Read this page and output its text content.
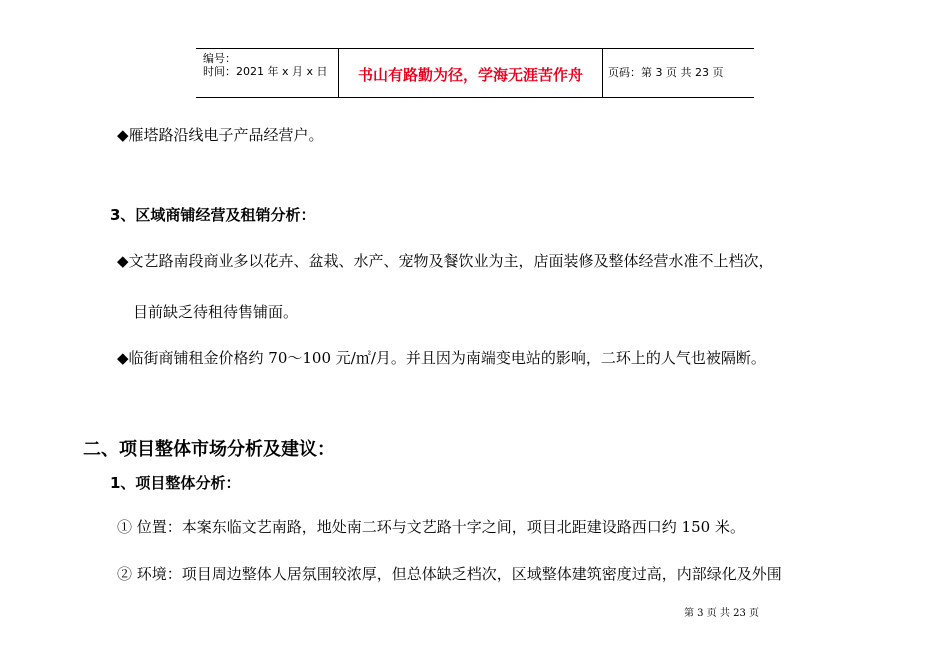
编号：
时间：2021 年 x 月 x 日	书山有路勤为径，学海无涯苦作舟	页码：第 3 页 共 23 页
◆雁塔路沿线电子产品经营户。
3、区域商铺经营及租销分析：
◆文艺路南段商业多以花卉、盆栽、水产、宠物及餐饮业为主，店面装修及整体经营水准不上档次，
目前缺乏待租待售铺面。
◆临街商铺租金价格约 70～100 元/㎡/月。并且因为南端变电站的影响，二环上的人气也被隔断。
二、项目整体市场分析及建议：
1、项目整体分析：
① 位置：本案东临文艺南路，地处南二环与文艺路十字之间，项目北距建设路西口约 150 米。
② 环境：项目周边整体人居氛围较浓厚，但总体缺乏档次，区域整体建筑密度过高，内部绿化及外围
第 3 页 共 23 页
